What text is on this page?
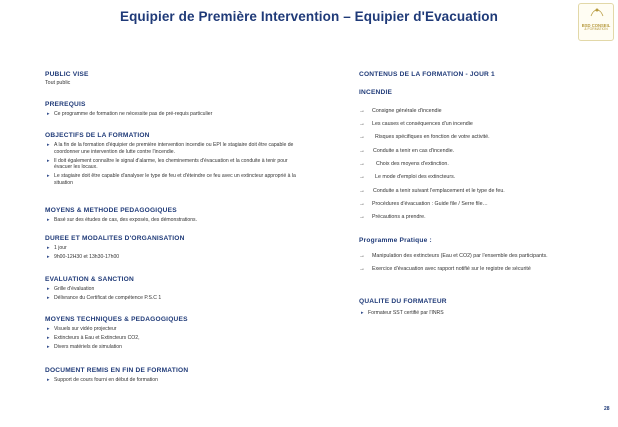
Equipier de Première Intervention – Equipier d'Evacuation
BSD CONSEIL
& FORMATION
PUBLIC VISE
Tout public
PREREQUIS
▸ Ce programme de formation ne nécessite pas de pré-requis particulier
OBJECTIFS DE LA FORMATION
▸ A la fin de la formation d'équipier de première intervention incendie ou EPI le stagiaire doit être capable de coordonner une intervention de lutte contre l'incendie.
▸ Il doit également connaître le signal d'alarme, les cheminements d'évacuation et la conduite à tenir pour évacuer les locaux.
▸ Le stagiaire doit être capable d'analyser le type de feu et d'éteindre ce feu avec un extincteur approprié à la situation
MOYENS & METHODE PEDAGOGIQUES
▸ Basé sur des études de cas, des exposés, des démonstrations.
DUREE ET MODALITES D'ORGANISATION
▸ 1 jour
▸ 9h00-12H30 et 13h30-17h00
EVALUATION & SANCTION
▸ Grille d'évaluation
▸ Délivrance du Certificat de compétence P.S.C 1
MOYENS TECHNIQUES & PEDAGOGIQUES
▸ Visuels sur vidéo projecteur
▸ Extincteurs à Eau et Extincteurs CO2,
▸ Divers matériels de simulation
DOCUMENT REMIS EN FIN DE FORMATION
▸ Support de cours fourni en début de formation
CONTENUS DE LA FORMATION - JOUR 1
INCENDIE
→ Consigne générale d'incendie
→ Les causes et conséquences d'un incendie
→ Risques spécifiques en fonction de votre activité.
→ Conduite a tenir en cas d'incendie.
→ Choix des moyens d'extinction.
→ Le mode d'emploi des extincteurs.
→ Conduite a tenir suivant l'emplacement et le type de feu.
→ Procédures d'évacuation : Guide file / Serre file…
→ Précautions a prendre.
Programme Pratique :
→ Manipulation des extincteurs (Eau et CO2) par l'ensemble des participants.
→ Exercice d'évacuation avec rapport notifié sur le registre de sécurité
QUALITE DU FORMATEUR
▸ Formateur SST certifié par l'INRS
28
